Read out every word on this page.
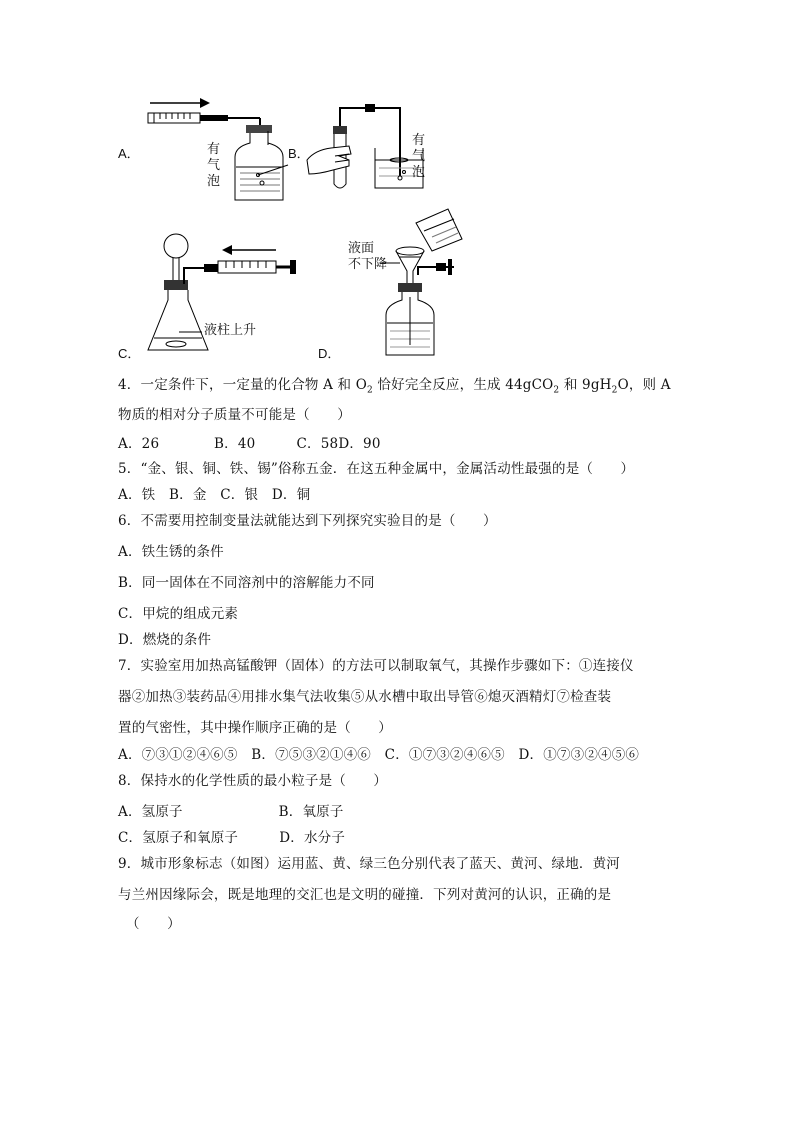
A．	有
气
泡
B．
有
气
泡
C．
液柱上升
D．
液面
不下降
4．一定条件下，一定量的化合物 A 和 $O_2$ 恰好完全反应，生成 44gCO$_2$ 和 $9gH_2O$，则 A
物质的相对分子质量不可能是（　　）
A．26　　　　B．40　　　C．58D．90
5．“金、银、铜、铁、锡”俗称五金．在这五种金属中，金属活动性最强的是（　　）
A．铁　B．金　C．银　D．铜
6．不需要用控制变量法就能达到下列探究实验目的是（　　）
A．铁生锈的条件
B．同一固体在不同溶剂中的溶解能力不同
C．甲烷的组成元素
D．燃烧的条件
7．实验室用加热高锰酸钾（固体）的方法可以制取氧气，其操作步骤如下：①连接仪
器②加热③装药品④用排水集气法收集⑤从水槽中取出导管⑥熄灭酒精灯⑦检查装
置的气密性，其中操作顺序正确的是（　　）
A．⑦③①②④⑥⑤　B．⑦⑤③②①④⑥　C．①⑦③②④⑥⑤　D．①⑦③②④⑤⑥
8．保持水的化学性质的最小粒子是（　　）
A．氢原子　　　　　　　B．氧原子
C．氢原子和氧原子　　　D．水分子
9．城市形象标志（如图）运用蓝、黄、绿三色分别代表了蓝天、黄河、绿地．黄河
与兰州因缘际会，既是地理的交汇也是文明的碰撞．下列对黄河的认识，正确的是
（　　）
